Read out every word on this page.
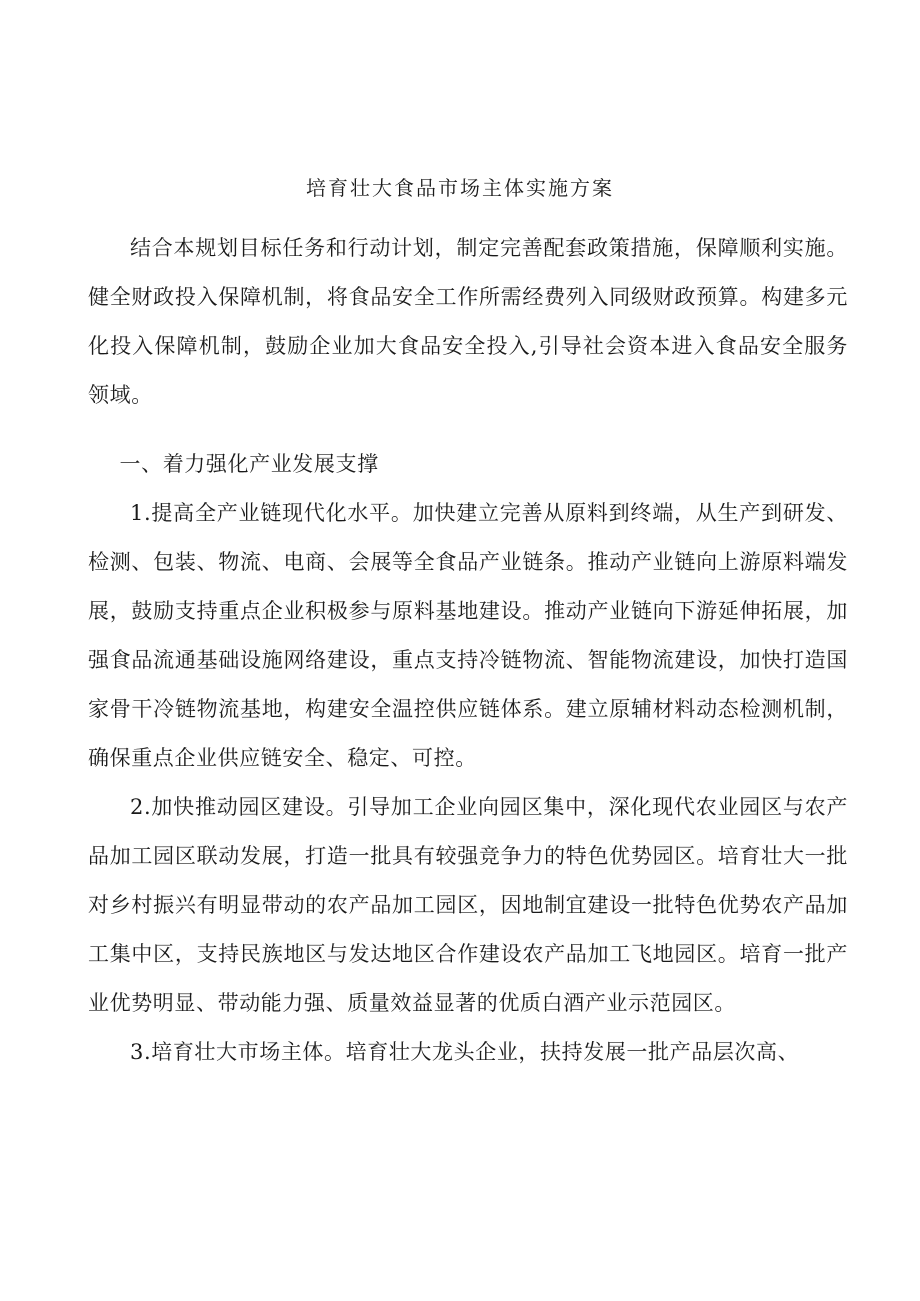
培育壮大食品市场主体实施方案

结合本规划目标任务和行动计划，制定完善配套政策措施，保障顺利实施。健全财政投入保障机制，将食品安全工作所需经费列入同级财政预算。构建多元化投入保障机制，鼓励企业加大食品安全投入,引导社会资本进入食品安全服务领域。

一、着力强化产业发展支撑

1.提高全产业链现代化水平。加快建立完善从原料到终端，从生产到研发、检测、包装、物流、电商、会展等全食品产业链条。推动产业链向上游原料端发展，鼓励支持重点企业积极参与原料基地建设。推动产业链向下游延伸拓展，加强食品流通基础设施网络建设，重点支持冷链物流、智能物流建设，加快打造国家骨干冷链物流基地，构建安全温控供应链体系。建立原辅材料动态检测机制，确保重点企业供应链安全、稳定、可控。

2.加快推动园区建设。引导加工企业向园区集中，深化现代农业园区与农产品加工园区联动发展，打造一批具有较强竞争力的特色优势园区。培育壮大一批对乡村振兴有明显带动的农产品加工园区，因地制宜建设一批特色优势农产品加工集中区，支持民族地区与发达地区合作建设农产品加工飞地园区。培育一批产业优势明显、带动能力强、质量效益显著的优质白酒产业示范园区。

3.培育壮大市场主体。培育壮大龙头企业，扶持发展一批产品层次高、
